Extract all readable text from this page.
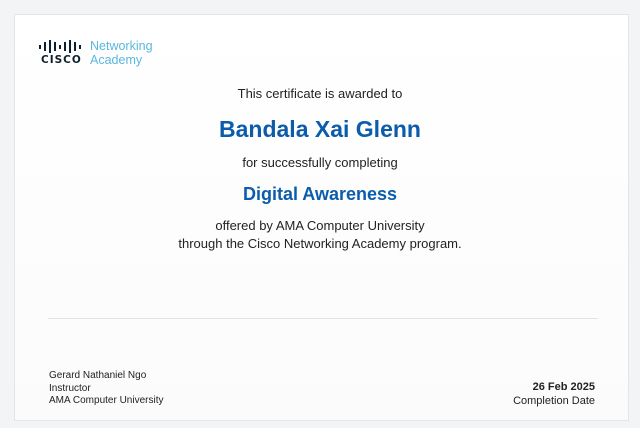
CISCO
Networking
Academy
This certificate is awarded to
Bandala Xai Glenn
for successfully completing
Digital Awareness
offered by AMA Computer University
through the Cisco Networking Academy program.
Gerard Nathaniel Ngo
Instructor
AMA Computer University
26 Feb 2025
Completion Date
